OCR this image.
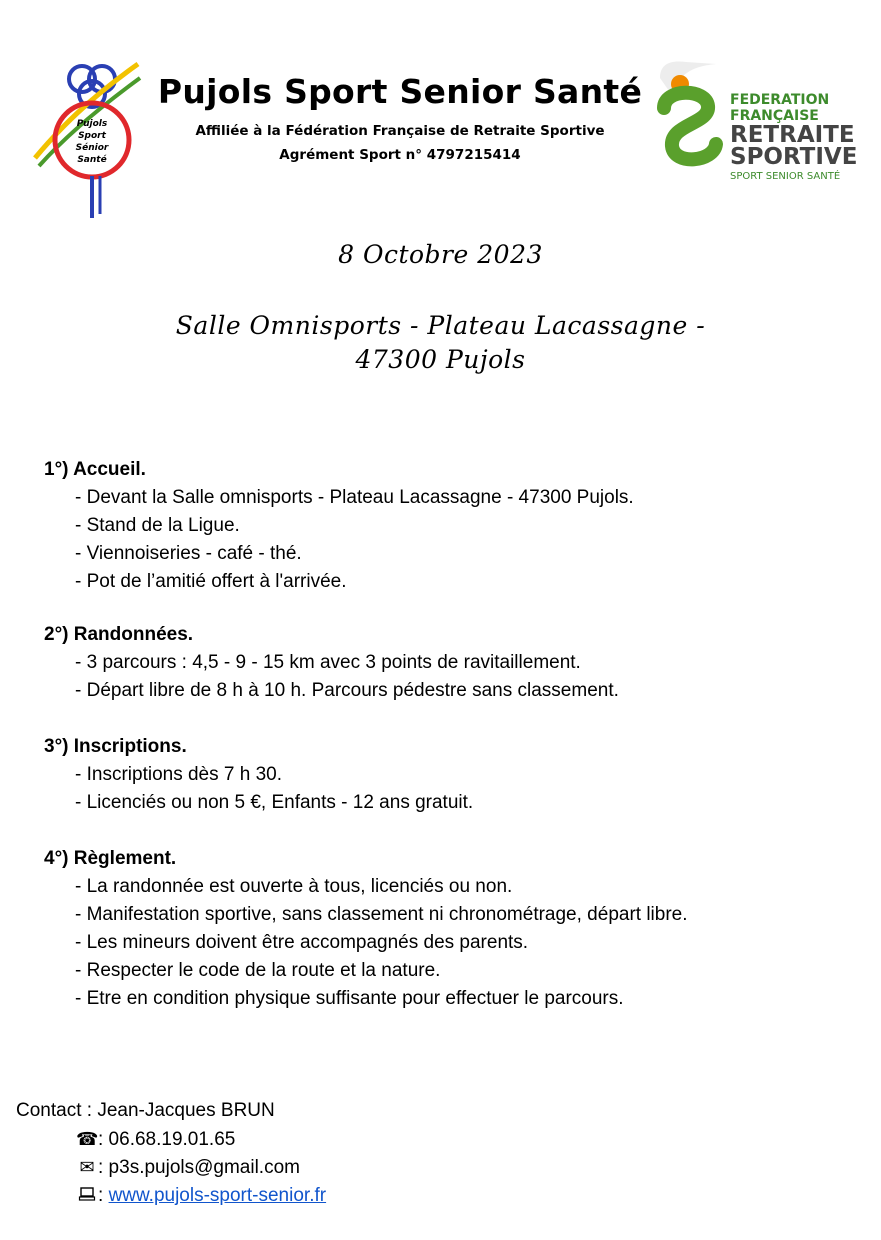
Pujols
Sport
Sénior
Santé
Pujols Sport Senior Santé
Affiliée à la Fédération Française de Retraite Sportive
Agrément Sport n° 4797215414
FEDERATION
FRANÇAISE
RETRAITE
SPORTIVE
SPORT SENIOR SANTÉ
8 Octobre 2023
Salle Omnisports - Plateau Lacassagne -
47300 Pujols
1°) Accueil.
- Devant la Salle omnisports - Plateau Lacassagne - 47300 Pujols.
- Stand de la Ligue.
- Viennoiseries - café - thé.
- Pot de l’amitié offert à l'arrivée.
2°) Randonnées.
- 3 parcours : 4,5 - 9 - 15 km avec 3 points de ravitaillement.
- Départ libre de 8 h à 10 h. Parcours pédestre sans classement.
3°) Inscriptions.
- Inscriptions dès 7 h 30.
- Licenciés ou non 5 €, Enfants - 12 ans gratuit.
4°) Règlement.
- La randonnée est ouverte à tous, licenciés ou non.
- Manifestation sportive, sans classement ni chronométrage, départ libre.
- Les mineurs doivent être accompagnés des parents.
- Respecter le code de la route et la nature.
- Etre en condition physique suffisante pour effectuer le parcours.
Contact : Jean-Jacques BRUN
☎: 06.68.19.01.65
✉ : p3s.pujols@gmail.com
: www.pujols-sport-senior.fr
